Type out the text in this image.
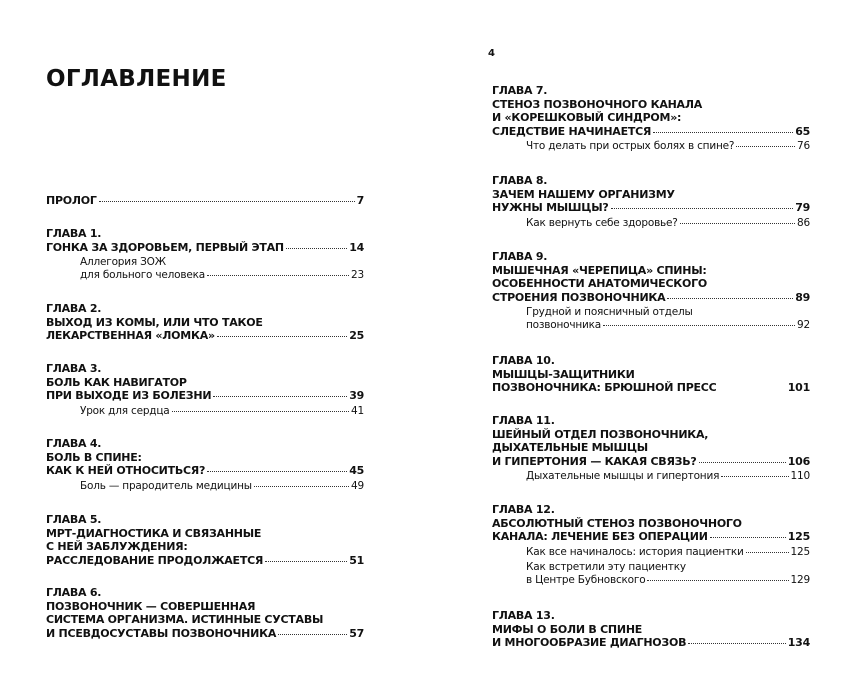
ОГЛАВЛЕНИЕ
ПРОЛОГ	7
ГЛАВА 1.
ГОНКА ЗА ЗДОРОВЬЕМ, ПЕРВЫЙ ЭТАП	14
Аллегория ЗОЖ
для больного человека	23
ГЛАВА 2.
ВЫХОД ИЗ КОМЫ, ИЛИ ЧТО ТАКОЕ
ЛЕКАРСТВЕННАЯ «ЛОМКА»	25
ГЛАВА 3.
БОЛЬ КАК НАВИГАТОР
ПРИ ВЫХОДЕ ИЗ БОЛЕЗНИ	39
Урок для сердца	41
ГЛАВА 4.
БОЛЬ В СПИНЕ:
КАК К НЕЙ ОТНОСИТЬСЯ?	45
Боль — прародитель медицины	49
ГЛАВА 5.
МРТ-ДИАГНОСТИКА И СВЯЗАННЫЕ
С НЕЙ ЗАБЛУЖДЕНИЯ:
РАССЛЕДОВАНИЕ ПРОДОЛЖАЕТСЯ	51
ГЛАВА 6.
ПОЗВОНОЧНИК — СОВЕРШЕННАЯ
СИСТЕМА ОРГАНИЗМА. ИСТИННЫЕ СУСТАВЫ
И ПСЕВДОСУСТАВЫ ПОЗВОНОЧНИКА	57
4
ГЛАВА 7.
СТЕНОЗ ПОЗВОНОЧНОГО КАНАЛА
И «КОРЕШКОВЫЙ СИНДРОМ»:
СЛЕДСТВИЕ НАЧИНАЕТСЯ	65
Что делать при острых болях в спине?	76
ГЛАВА 8.
ЗАЧЕМ НАШЕМУ ОРГАНИЗМУ
НУЖНЫ МЫШЦЫ?	79
Как вернуть себе здоровье?	86
ГЛАВА 9.
МЫШЕЧНАЯ «ЧЕРЕПИЦА» СПИНЫ:
ОСОБЕННОСТИ АНАТОМИЧЕСКОГО
СТРОЕНИЯ ПОЗВОНОЧНИКА	89
Грудной и поясничный отделы
позвоночника	92
ГЛАВА 10.
МЫШЦЫ-ЗАЩИТНИКИ
ПОЗВОНОЧНИКА: БРЮШНОЙ ПРЕСС	101
ГЛАВА 11.
ШЕЙНЫЙ ОТДЕЛ ПОЗВОНОЧНИКА,
ДЫХАТЕЛЬНЫЕ МЫШЦЫ
И ГИПЕРТОНИЯ — КАКАЯ СВЯЗЬ?	106
Дыхательные мышцы и гипертония	110
ГЛАВА 12.
АБСОЛЮТНЫЙ СТЕНОЗ ПОЗВОНОЧНОГО
КАНАЛА: ЛЕЧЕНИЕ БЕЗ ОПЕРАЦИИ	125
Как все начиналось: история пациентки	125
Как встретили эту пациентку
в Центре Бубновского	129
ГЛАВА 13.
МИФЫ О БОЛИ В СПИНЕ
И МНОГООБРАЗИЕ ДИАГНОЗОВ	134
